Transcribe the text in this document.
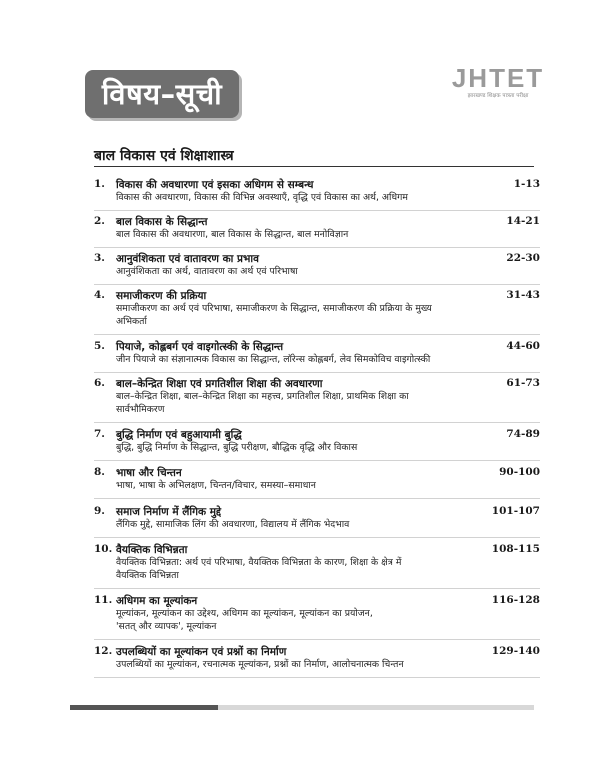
विषय–सूची	JHTET
झारखण्ड शिक्षक पात्रता परीक्षा
बाल विकास एवं शिक्षाशास्त्र
1.	विकास की अवधारणा एवं इसका अधिगम से सम्बन्ध	1-13
विकास की अवधारणा, विकास की विभिन्न अवस्थाएँ, वृद्धि एवं विकास का अर्थ, अधिगम
2.	बाल विकास के सिद्धान्त	14-21
बाल विकास की अवधारणा, बाल विकास के सिद्धान्त, बाल मनोविज्ञान
3.	आनुवंशिकता एवं वातावरण का प्रभाव	22-30
आनुवंशिकता का अर्थ, वातावरण का अर्थ एवं परिभाषा
4.	समाजीकरण की प्रक्रिया	31-43
समाजीकरण का अर्थ एवं परिभाषा, समाजीकरण के सिद्धान्त, समाजीकरण की प्रक्रिया के मुख्य
अभिकर्ता
5.	पियाजे, कोह्लबर्ग एवं वाइगोत्स्की के सिद्धान्त	44-60
जीन पियाजे का संज्ञानात्मक विकास का सिद्धान्त, लॉरेन्स कोह्लबर्ग, लेव सिमकोविच वाइगोत्स्की
6.	बाल–केन्द्रित शिक्षा एवं प्रगतिशील शिक्षा की अवधारणा	61-73
बाल–केन्द्रित शिक्षा, बाल–केन्द्रित शिक्षा का महत्त्व, प्रगतिशील शिक्षा, प्राथमिक शिक्षा का
सार्वभौमिकरण
7.	बुद्धि निर्माण एवं बहुआयामी बुद्धि	74-89
बुद्धि, बुद्धि निर्माण के सिद्धान्त, बुद्धि परीक्षण, बौद्धिक वृद्धि और विकास
8.	भाषा और चिन्तन	90-100
भाषा, भाषा के अभिलक्षण, चिन्तन/विचार, समस्या–समाधान
9.	समाज निर्माण में लैंगिक मुद्दे	101-107
लैंगिक मुद्दे, सामाजिक लिंग की अवधारणा, विद्यालय में लैंगिक भेदभाव
10. वैयक्तिक विभिन्नता	108-115
वैयक्तिक विभिन्नता: अर्थ एवं परिभाषा, वैयक्तिक विभिन्नता के कारण, शिक्षा के क्षेत्र में
वैयक्तिक विभिन्नता
11. अधिगम का मूल्यांकन	116-128
मूल्यांकन, मूल्यांकन का उद्देश्य, अधिगम का मूल्यांकन, मूल्यांकन का प्रयोजन,
'सतत् और व्यापक', मूल्यांकन
12. उपलब्धियों का मूल्यांकन एवं प्रश्नों का निर्माण	129-140
उपलब्धियों का मूल्यांकन, रचनात्मक मूल्यांकन, प्रश्नों का निर्माण, आलोचनात्मक चिन्तन
